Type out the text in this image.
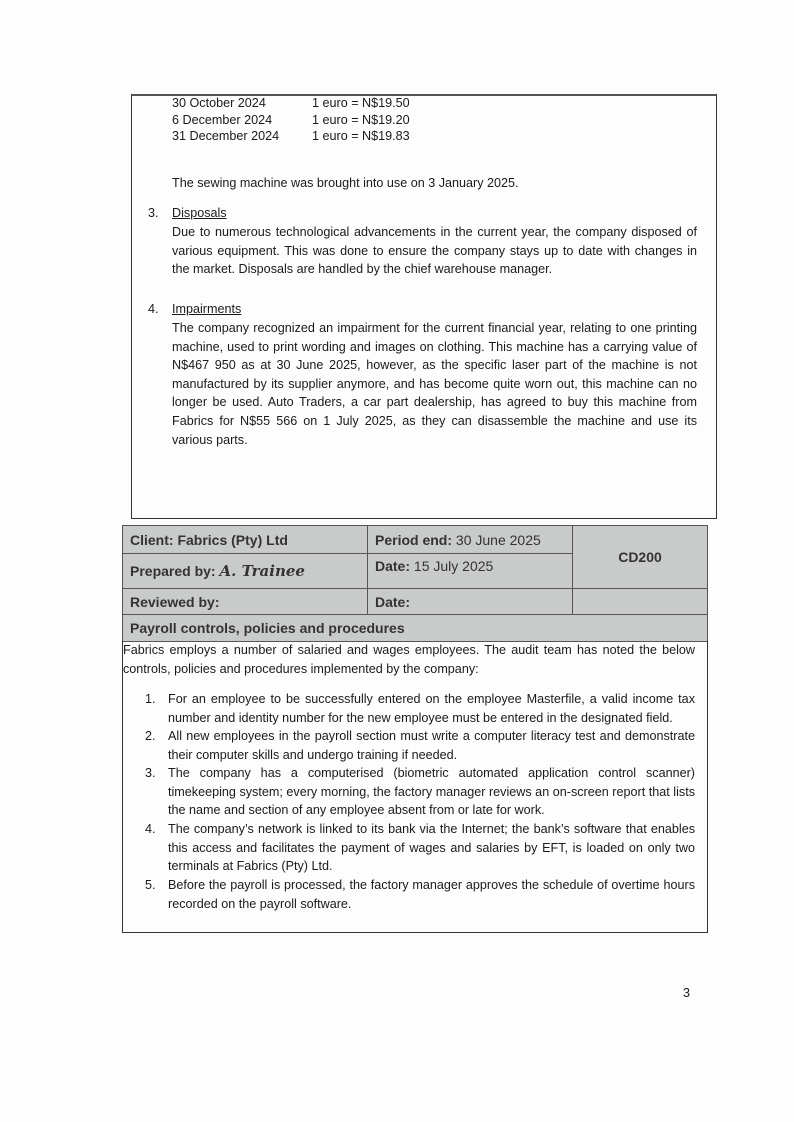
30 October 2024	1 euro = N$19.50
6 December 2024	1 euro = N$19.20
31 December 2024	1 euro = N$19.83
The sewing machine was brought into use on 3 January 2025.
3. Disposals
Due to numerous technological advancements in the current year, the company disposed of various equipment. This was done to ensure the company stays up to date with changes in the market. Disposals are handled by the chief warehouse manager.
4. Impairments
The company recognized an impairment for the current financial year, relating to one printing machine, used to print wording and images on clothing. This machine has a carrying value of N$467 950 as at 30 June 2025, however, as the specific laser part of the machine is not manufactured by its supplier anymore, and has become quite worn out, this machine can no longer be used. Auto Traders, a car part dealership, has agreed to buy this machine from Fabrics for N$55 566 on 1 July 2025, as they can disassemble the machine and use its various parts.
Client: Fabrics (Pty) Ltd	Period end: 30 June 2025	CD200
Prepared by: A. Trainee	Date: 15 July 2025	
Reviewed by:	Date:	
Payroll controls, policies and procedures		
Fabrics employs a number of salaried and wages employees. The audit team has noted the below controls, policies and procedures implemented by the company:
1. For an employee to be successfully entered on the employee Masterfile, a valid income tax number and identity number for the new employee must be entered in the designated field.
2. All new employees in the payroll section must write a computer literacy test and demonstrate their computer skills and undergo training if needed.
3. The company has a computerised (biometric automated application control scanner) timekeeping system; every morning, the factory manager reviews an on-screen report that lists the name and section of any employee absent from or late for work.
4. The company’s network is linked to its bank via the Internet; the bank’s software that enables this access and facilitates the payment of wages and salaries by EFT, is loaded on only two terminals at Fabrics (Pty) Ltd.
5. Before the payroll is processed, the factory manager approves the schedule of overtime hours recorded on the payroll software.
3
